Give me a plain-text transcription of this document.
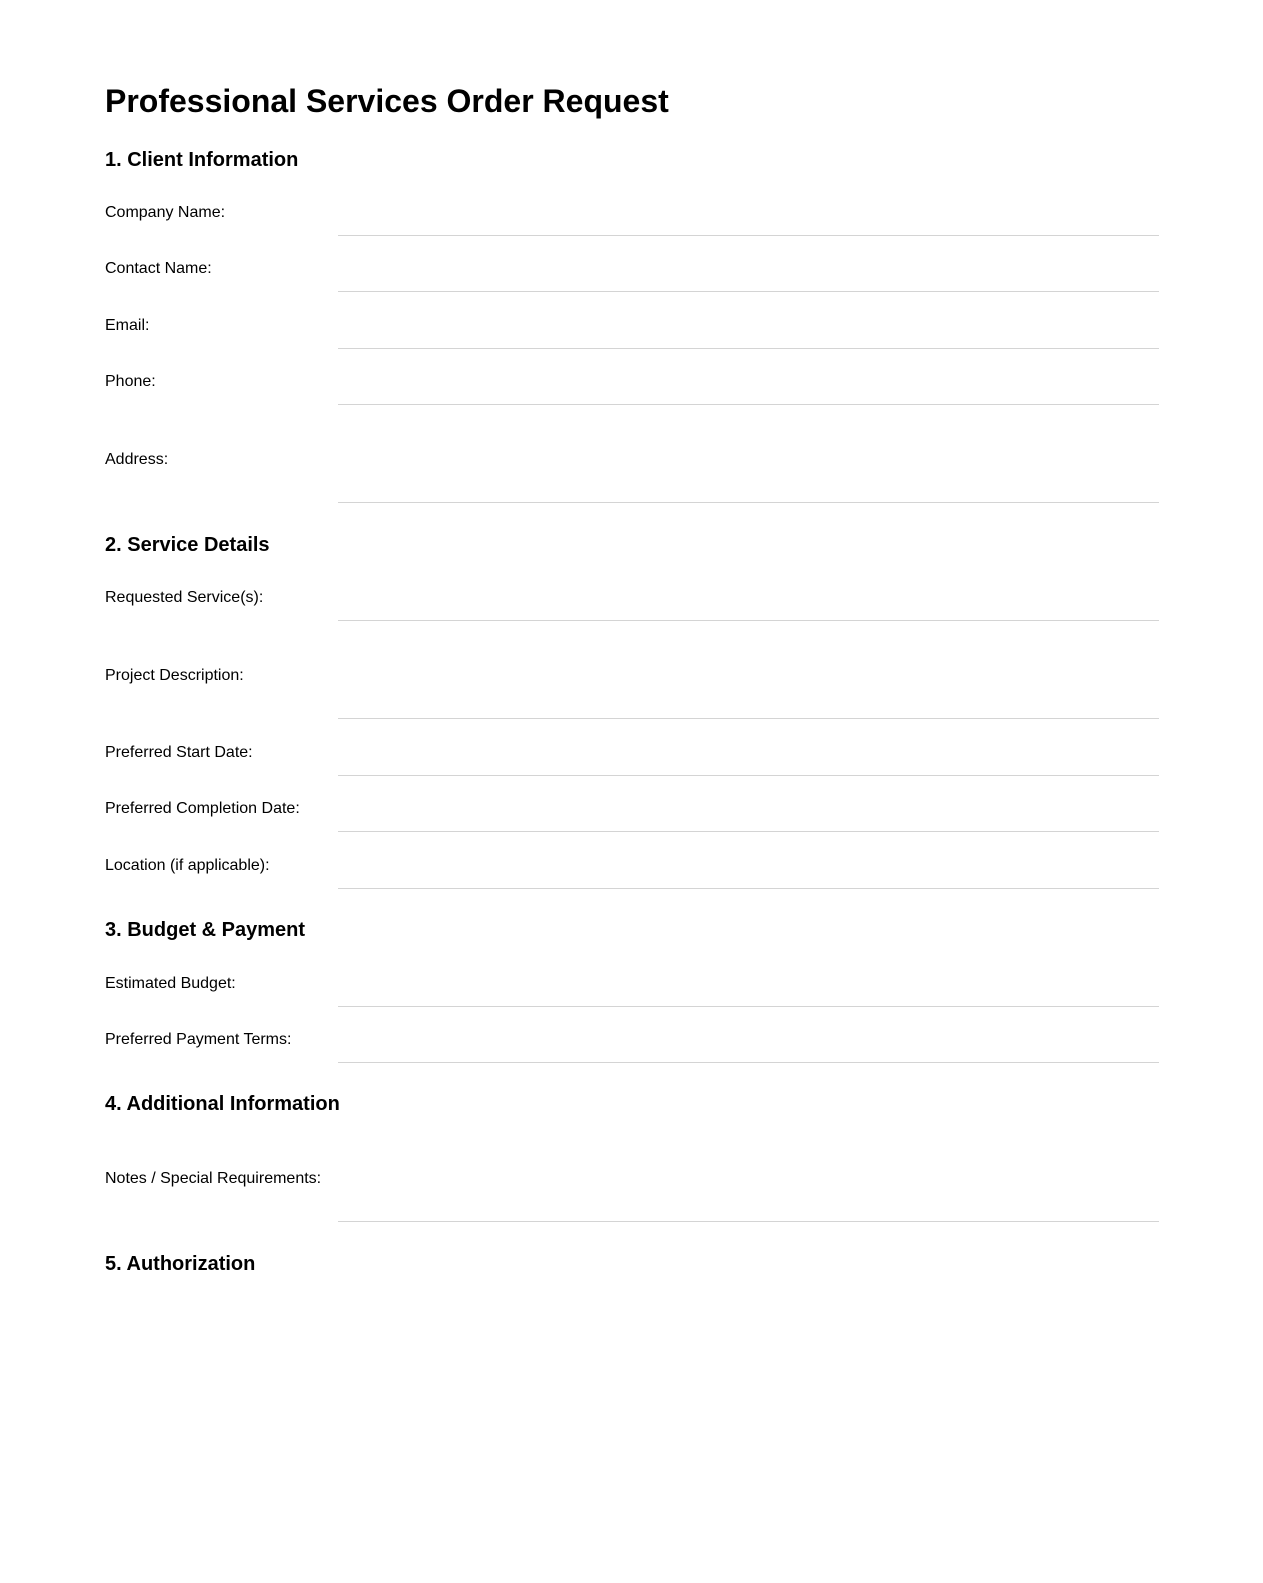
Professional Services Order Request
1. Client Information
Company Name:
Contact Name:
Email:
Phone:
Address:
2. Service Details
Requested Service(s):
Project Description:
Preferred Start Date:
Preferred Completion Date:
Location (if applicable):
3. Budget & Payment
Estimated Budget:
Preferred Payment Terms:
4. Additional Information
Notes / Special Requirements:
5. Authorization
